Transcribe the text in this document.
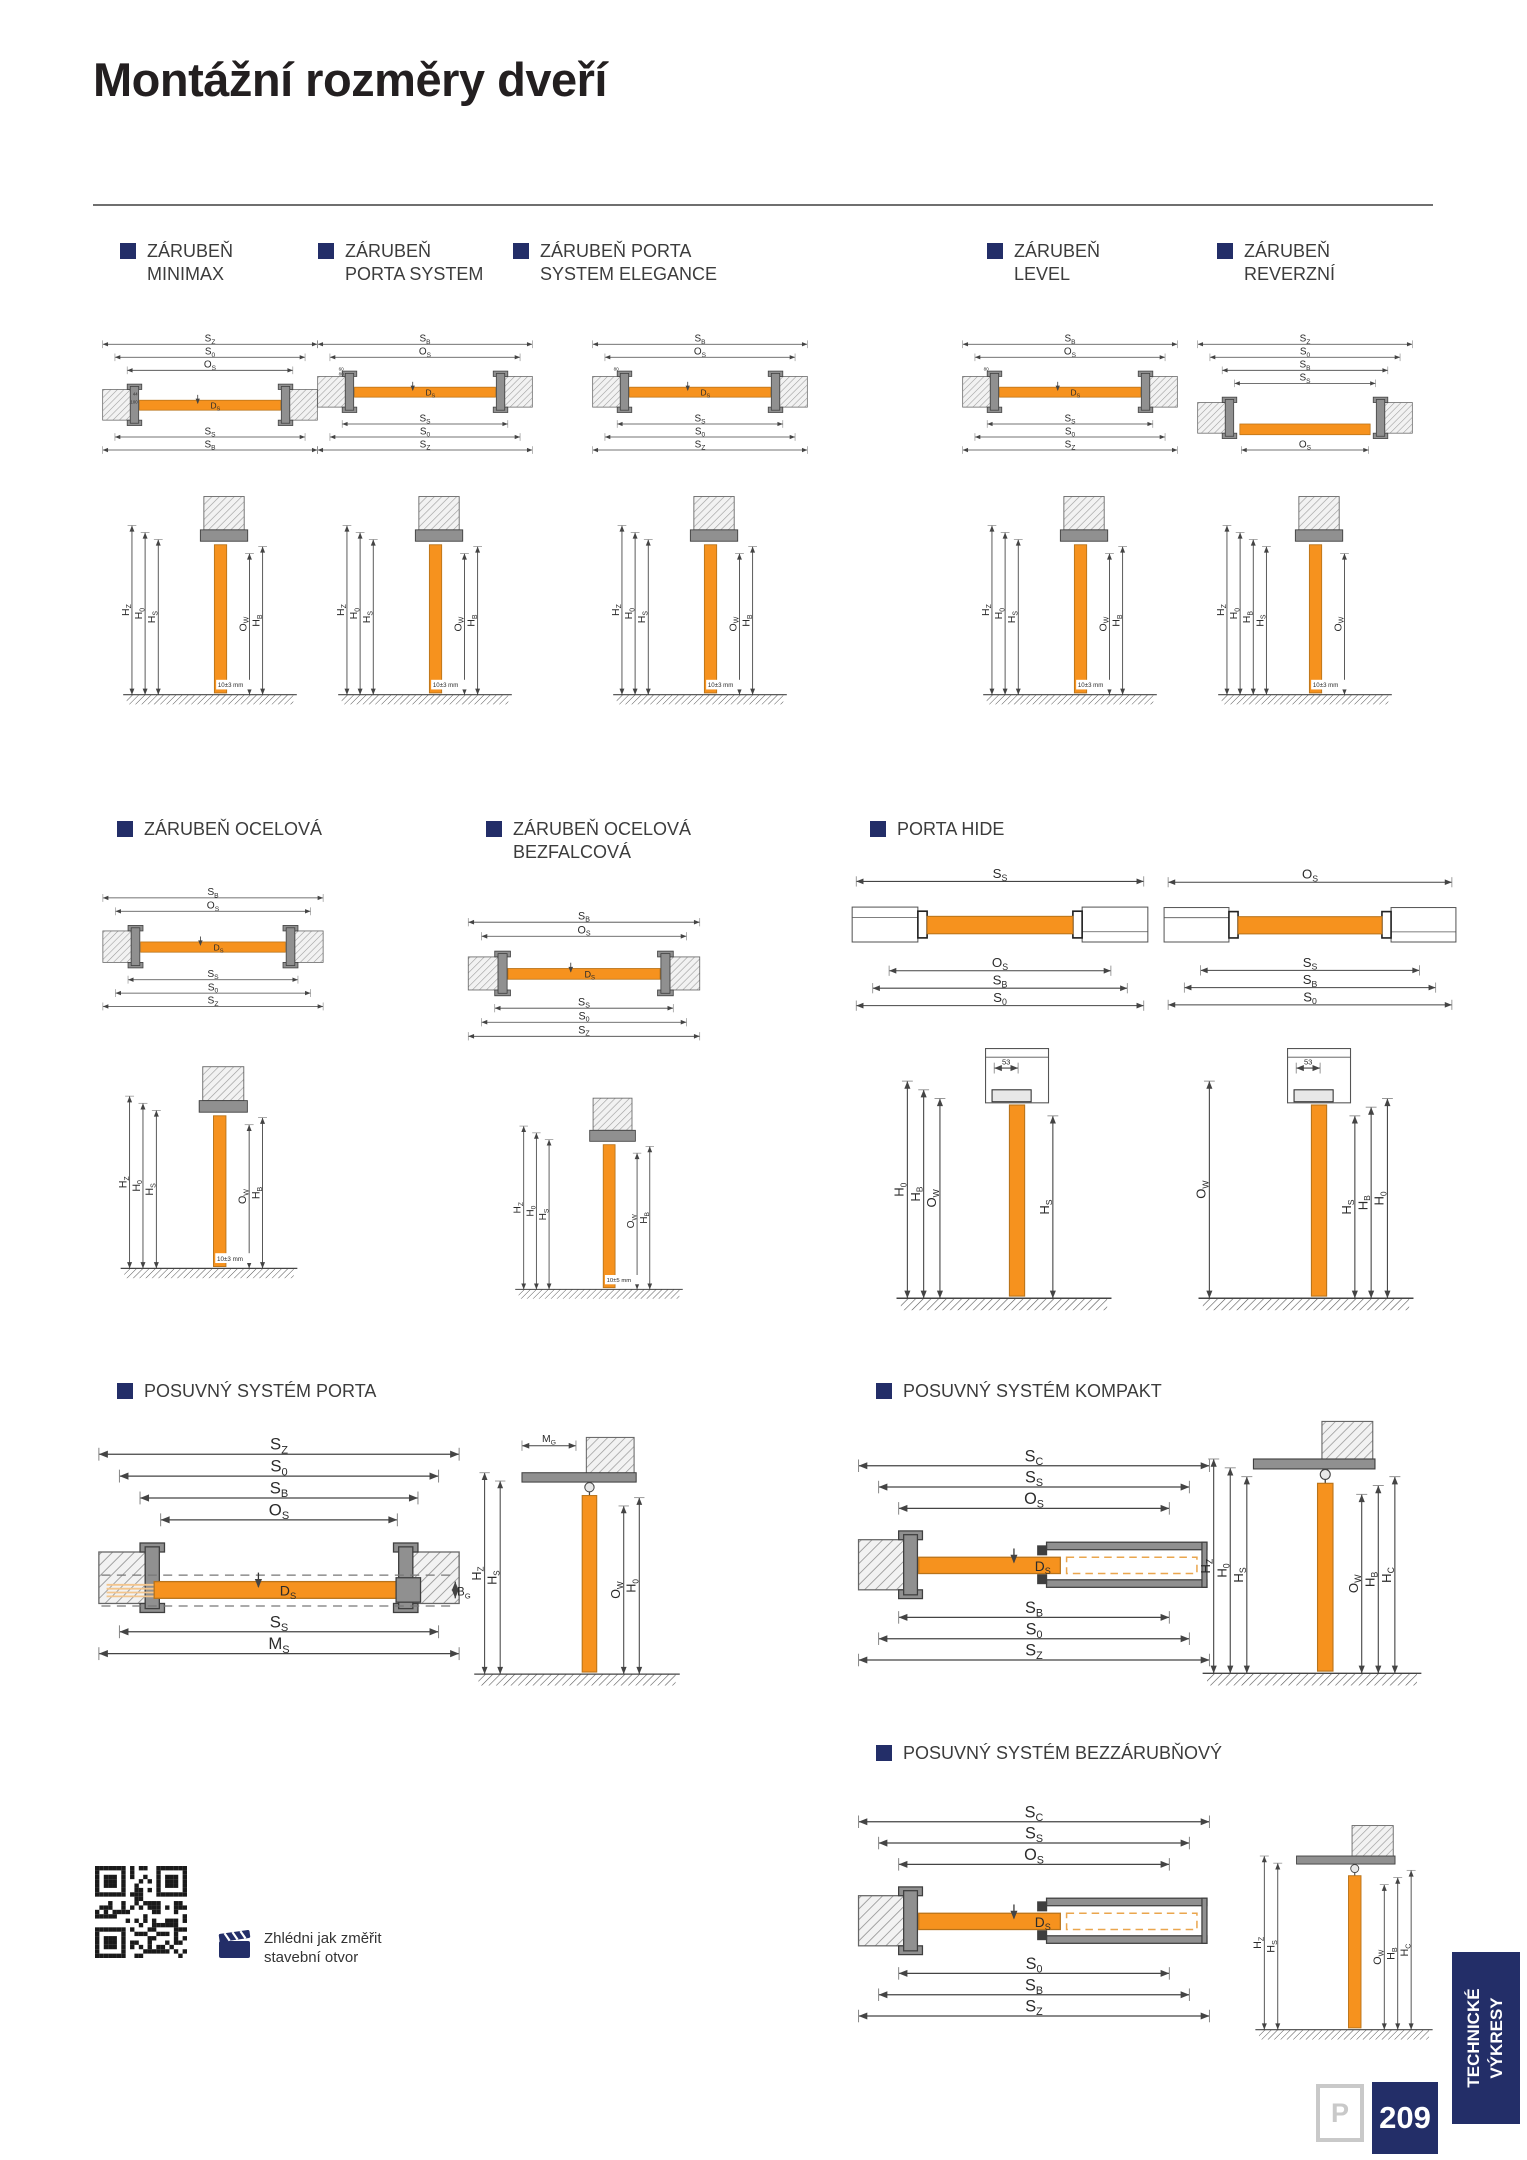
Montážní rozměry dveří
ZÁRUBEŇ MINIMAX
ZÁRUBEŇ PORTA SYSTEM
ZÁRUBEŇ PORTA SYSTEM ELEGANCE
ZÁRUBEŇ LEVEL
ZÁRUBEŇ REVERZNÍ
$D_S$
$S_Z$
$S_0$
$O_S$
$S_S$
$S_B$
44
100
$D_S$
$S_B$
$O_S$
$S_S$
$S_0$
$S_Z$
60
80
$D_S$
$S_B$
$O_S$
$S_S$
$S_0$
$S_Z$
80
$D_S$
$S_B$
$O_S$
$S_S$
$S_0$
$S_Z$
80
$S_Z$
$S_0$
$S_B$
$S_S$
$O_S$
$H_Z$
$H_0$
$H_S$
$O_W$ $H_B$
10±3 mm
$H_Z$
$H_0$
$H_S$
$O_W$ $H_B$
10±3 mm
$H_Z$
$H_0$
$H_S$
$O_W$ $H_B$
10±3 mm
$H_Z$
$H_0$
$H_S$
$O_W$ $H_B$
10±3 mm
$H_Z$
$H_0$
$H_B$
$H_S$
$O_W$
10±3 mm
ZÁRUBEŇ OCELOVÁ	ZÁRUBEŇ OCELOVÁ BEZFALCOVÁ
PORTA HIDE
$D_S$
$S_B$
$O_S$
$S_S$
$S_0$
$S_Z$
$H_Z$
$H_0$
$H_S$
$O_W$ $H_B$
10±3 mm
$D_S$
$S_B$
$O_S$
$S_S$
$S_0$
$S_Z$
$H_Z$
$H_0$
$H_S$
$O_W$ $H_B$
10±5 mm
$S_S$
$O_S$
$S_B$
$S_0$
$O_S$
$S_S$
$S_B$
$S_0$
53
$H_0$
$H_B$
$O_W$
$H_S$
53
$O_W$
$H_S$ $H_B$ $H_0$
POSUVNÝ SYSTÉM PORTA	POSUVNÝ SYSTÉM KOMPAKT
$B_G$
$D_S$
$S_Z$
$S_0$
$S_B$
$O_S$
$S_S$
$M_S$
$M_G$
$H_Z$
$H_S$
$O_W$ $H_0$
$D_S$
$S_C$
$S_S$
$O_S$
$S_B$
$S_0$
$S_Z$
$H_Z$
$H_0$
$H_S$
$O_W$ $H_B$ $H_C$
POSUVNÝ SYSTÉM BEZZÁRUBŇOVÝ
$D_S$
$S_C$
$S_S$
$O_S$
$S_0$
$S_B$
$S_Z$
$H_Z$
$H_S$
$O_W$ $H_B$ $H_C$
Zhlédni jak změřit
stavební otvor
P 209
TECHNICKÉ VÝKRESY
